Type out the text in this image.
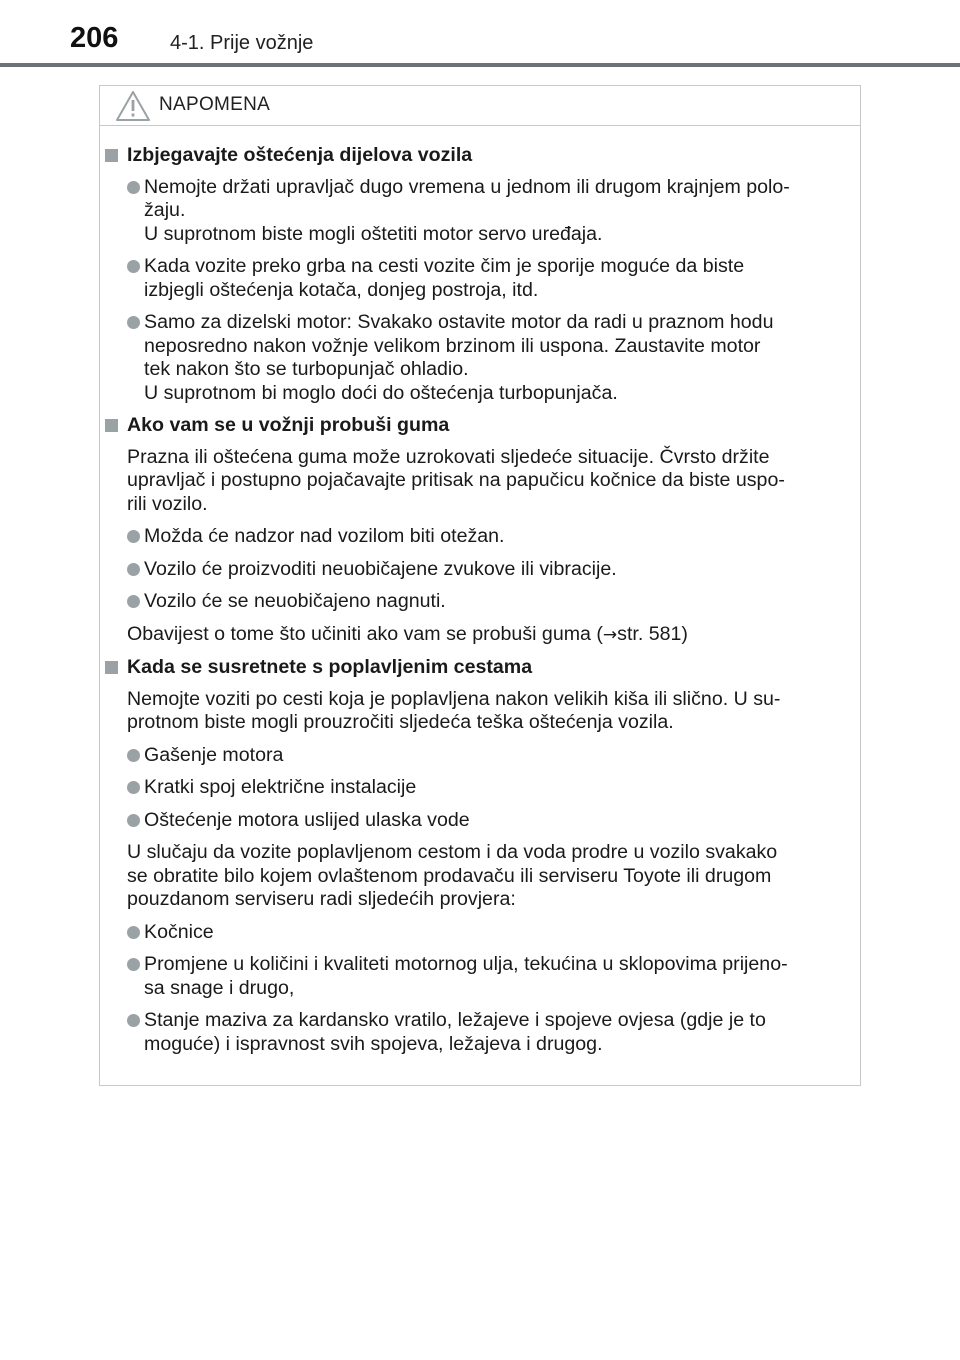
206	4-1. Prije vožnje
NAPOMENA
Izbjegavajte oštećenja dijelova vozila
Nemojte držati upravljač dugo vremena u jednom ili drugom krajnjem polo-
žaju.
U suprotnom biste mogli oštetiti motor servo uređaja.
Kada vozite preko grba na cesti vozite čim je sporije moguće da biste
izbjegli oštećenja kotača, donjeg postroja, itd.
Samo za dizelski motor: Svakako ostavite motor da radi u praznom hodu
neposredno nakon vožnje velikom brzinom ili uspona. Zaustavite motor
tek nakon što se turbopunjač ohladio.
U suprotnom bi moglo doći do oštećenja turbopunjača.
Ako vam se u vožnji probuši guma
Prazna ili oštećena guma može uzrokovati sljedeće situacije. Čvrsto držite
upravljač i postupno pojačavajte pritisak na papučicu kočnice da biste uspo-
rili vozilo.
Možda će nadzor nad vozilom biti otežan.
Vozilo će proizvoditi neuobičajene zvukove ili vibracije.
Vozilo će se neuobičajeno nagnuti.
Obavijest o tome što učiniti ako vam se probuši guma (→str. 581)
Kada se susretnete s poplavljenim cestama
Nemojte voziti po cesti koja je poplavljena nakon velikih kiša ili slično. U su-
protnom biste mogli prouzročiti sljedeća teška oštećenja vozila.
Gašenje motora
Kratki spoj električne instalacije
Oštećenje motora uslijed ulaska vode
U slučaju da vozite poplavljenom cestom i da voda prodre u vozilo svakako
se obratite bilo kojem ovlaštenom prodavaču ili serviseru Toyote ili drugom
pouzdanom serviseru radi sljedećih provjera:
Kočnice
Promjene u količini i kvaliteti motornog ulja, tekućina u sklopovima prijeno-
sa snage i drugo,
Stanje maziva za kardansko vratilo, ležajeve i spojeve ovjesa (gdje je to
moguće) i ispravnost svih spojeva, ležajeva i drugog.
